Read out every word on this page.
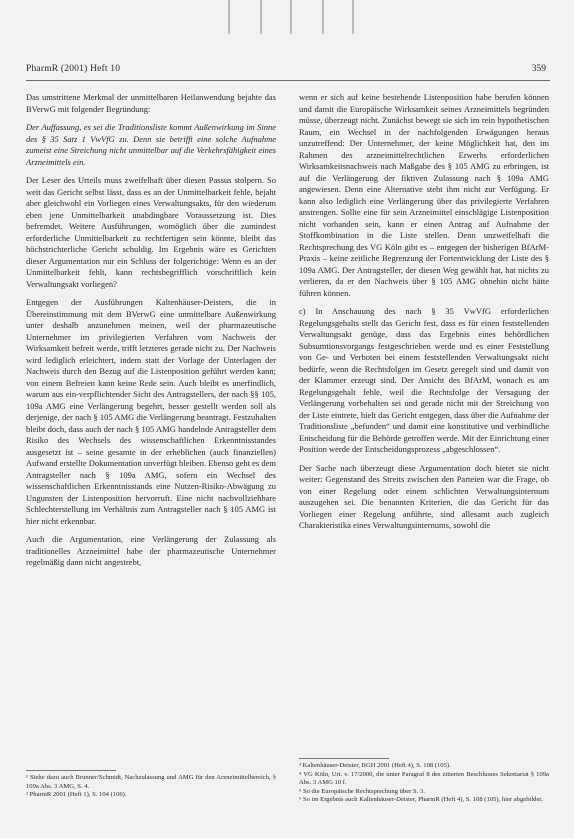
PharmR (2001) Heft 10	359

Das umstrittene Merkmal der unmittelbaren Heilanwendung bejahte das BVerwG mit folgender Begründung:

Der Auffassung, es sei die Traditionsliste kommt Außenwirkung im Sinne des § 35 Satz 1 VwVfG zu. Denn sie betrifft eine solche Aufnahme zumeist eine Streichung nicht unmittelbar auf die Verkehrsfähigkeit eines Arzneimittels ein.

Der Leser des Urteils muss zweifelhaft über diesen Passus stolpern. So weit das Gericht selbst lässt, dass es an der Unmittelbarkeit fehle, bejaht aber gleichwohl ein Vorliegen eines Verwaltungsakts, für den wiederum eben jene Unmittelbarkeit unabdingbare Voraussetzung ist. Dies befremdet. Weitere Ausführungen, womöglich über die zumindest erforderliche Unmittelbarkeit zu rechtfertigen sein könnte, bleibt das höchstrichterliche Gericht schuldig. Im Ergebnis wäre es Gerichten dieser Argumentation nur ein Schluss der folgerichtige: Wenn es an der Unmittelbarkeit fehlt, kann rechtsbegrifflich vorschriftlich kein Verwaltungsakt vorliegen?

Entgegen der Ausführungen Kaltenhäuser-Deisters, die in Übereinstimmung mit dem BVerwG eine unmittelbare Außenwirkung unter deshalb anzunehmen meinen, weil der pharmazeutische Unternehmer im privilegierten Verfahren vom Nachweis der Wirksamkeit befreit werde, trifft letzteres gerade nicht zu. Der Nachweis wird lediglich erleichtert, indem statt der Vorlage der Unterlagen der Nachweis durch den Bezug auf die Listenposition geführt werden kann; von einem Befreien kann keine Rede sein. Auch bleibt es unerfindlich, warum aus ein-verpflichtender Sicht des Antragstellers, der nach §§ 105, 109a AMG eine Verlängerung begehrt, besser gestellt werden soll als derjenige, der nach § 105 AMG die Verlängerung beantragt. Festzuhalten bleibt doch, dass auch der nach § 105 AMG handelnde Antragsteller dem Risiko des Wechsels des wissenschaftlichen Erkenntnisstandes ausgesetzt ist – seine gesamte in der erheblichen (auch finanziellen) Aufwand erstellte Dokumentation unverfügt bleiben. Ebenso geht es dem Antragsteller nach § 109a AMG, sofern ein Wechsel des wissenschaftlichen Erkenntnisstands eine Nutzen-Risiko-Abwägung zu Ungunsten der Listenposition hervorruft. Eine nicht nachvollziehbare Schlechterstellung im Verhältnis zum Antragsteller nach § 105 AMG ist hier nicht erkennbar.

Auch die Argumentation, eine Verlängerung der Zulassung als traditionelles Arzneimittel habe der pharmazeutische Unternehmer regelmäßig dann nicht angestrebt,

wenn er sich auf keine bestehende Listenposition habe berufen können und damit die Europäische Wirksamkeit seines Arzneimittels begründen müsse, überzeugt nicht. Zunächst bewegt sie sich im rein hypothetischen Raum, ein Wechsel in der nachfolgenden Erwägungen heraus unzutreffend: Der Unternehmer, der keine Möglichkeit hat, den im Rahmen des arzneimittelrechtlichen Erwerbs erforderlichen Wirksamkeitsnachweis nach Maßgabe des § 105 AMG zu erbringen, ist auf die Verlängerung der fiktiven Zulassung nach § 109a AMG angewiesen. Denn eine Alternative steht ihm nicht zur Verfügung. Er kann also lediglich eine Verlängerung über das privilegierte Verfahren anstrengen. Sollte eine für sein Arzneimittel einschlägige Listenposition nicht vorhanden sein, kann er einen Antrag auf Aufnahme der Stoffkombination in die Liste stellen. Denn unzweifelhaft die Rechtsprechung des VG Köln gibt es – entgegen der bisherigen BfArM-Praxis – keine zeitliche Begrenzung der Fortentwicklung der Liste des § 109a AMG. Der Antragsteller, der diesen Weg gewählt hat, hat nichts zu verlieren, da er den Nachweis über § 105 AMG ohnehin nicht hätte führen können.

c) In Anschauung des nach § 35 VwVfG erforderlichen Regelungsgehalts stellt das Gericht fest, dass es für einen feststellenden Verwaltungsakt genüge, dass das Ergebnis eines behördlichen Subsumtionsvorgangs festgeschrieben werde und es einer Feststellung von Ge- und Verboten bei einem feststellenden Verwaltungsakt nicht bedürfe, wenn die Rechtsfolgen im Gesetz geregelt sind und damit von der Klammer erzeugt sind. Der Ansicht des BfArM, wonach es am Regelungsgehalt fehle, weil die Rechtsfolge der Versagung der Verlängerung vorbehalten sei und gerade nicht mit der Streichung von der Liste eintrete, hielt das Gericht entgegen, dass über die Aufnahme der Traditionsliste „befunden“ und damit eine konstitutive und verbindliche Entscheidung für die Behörde getroffen werde. Mit der Einrichtung einer Position werde der Entscheidungsprozess „abgeschlossen“.

Der Sache nach überzeugt diese Argumentation doch bietet sie nicht weiter: Gegenstand des Streits zwischen den Parteien war die Frage, ob von einer Regelung oder einem schlichten Verwaltungsinternum auszugehen sei. Die benannten Kriterien, die das Gericht für das Vorliegen einer Regelung anführte, sind allesamt auch zugleich Charakteristika eines Verwaltungsinternums, sowohl die

¹ Siehe dazu auch Brunner/Schmidt, Nachzulassung und AMG für den Arzneimittelbereich, § 109a Abs. 3 AMG, S. 4.
² PharmR 2001 (Heft 1), S. 104 (106).
³ Kaltenhäuser-Deister, BGH 2001 (Heft 4), S. 108 (105).
⁴ VG Köln, Urt. v. 17/2000, die unter Paragraf 8 des zitierten Beschlusses Sekretariat § 109a Abs. 3 AMG 10 f.
⁵ So die Europäische Rechtsprechung über S. 3.
⁶ So im Ergebnis auch Kaltenhäuser-Deister, PharmR (Heft 4), S. 108 (105), hier abgebildet.
